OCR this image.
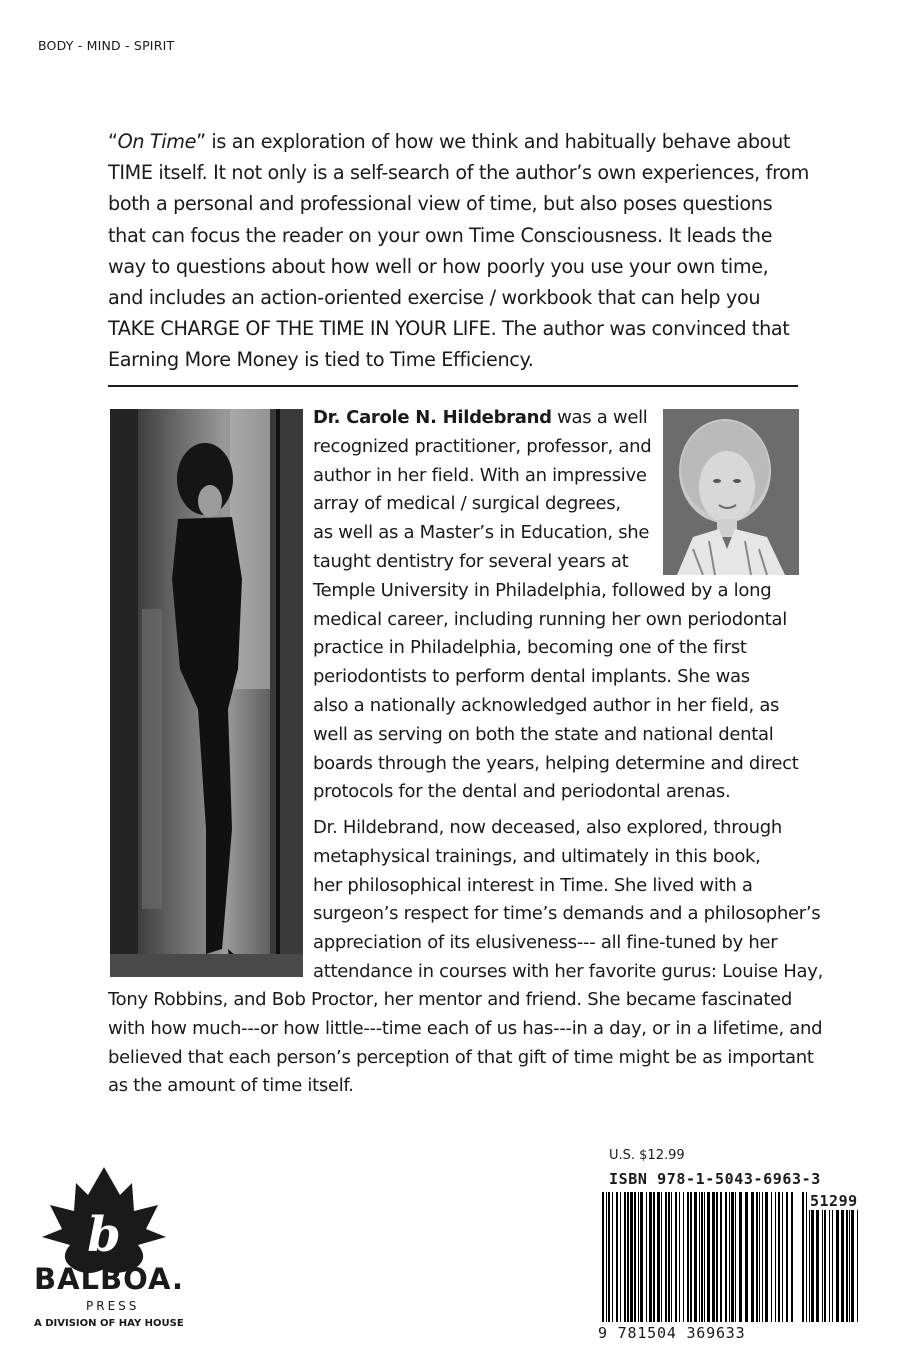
BODY - MIND - SPIRIT

“On Time” is an exploration of how we think and habitually behave about

TIME itself. It not only is a self-search of the author’s own experiences, from

both a personal and professional view of time, but also poses questions

that can focus the reader on your own Time Consciousness. It leads the

way to questions about how well or how poorly you use your own time,

and includes an action-oriented exercise / workbook that can help you

TAKE CHARGE OF THE TIME IN YOUR LIFE. The author was convinced that

Earning More Money is tied to Time Efficiency.

Dr. Carole N. Hildebrand was a well
recognized practitioner, professor, and
author in her field. With an impressive
array of medical / surgical degrees,
as well as a Master’s in Education, she
taught dentistry for several years at
Temple University in Philadelphia, followed by a long
medical career, including running her own periodontal
practice in Philadelphia, becoming one of the first
periodontists to perform dental implants. She was
also a nationally acknowledged author in her field, as
well as serving on both the state and national dental
boards through the years, helping determine and direct
protocols for the dental and periodontal arenas.
Dr. Hildebrand, now deceased, also explored, through
metaphysical trainings, and ultimately in this book,
her philosophical interest in Time. She lived with a
surgeon’s respect for time’s demands and a philosopher’s
appreciation of its elusiveness--- all fine-tuned by her
attendance in courses with her favorite gurus: Louise Hay,
Tony Robbins, and Bob Proctor, her mentor and friend. She became fascinated
with how much---or how little---time each of us has---in a day, or in a lifetime, and
believed that each person’s perception of that gift of time might be as important
as the amount of time itself.
b
BALBOA.
PRESS
A DIVISION OF HAY HOUSE
U.S. $12.99
ISBN 978-1-5043-6963-3
51299
9 781504 369633
